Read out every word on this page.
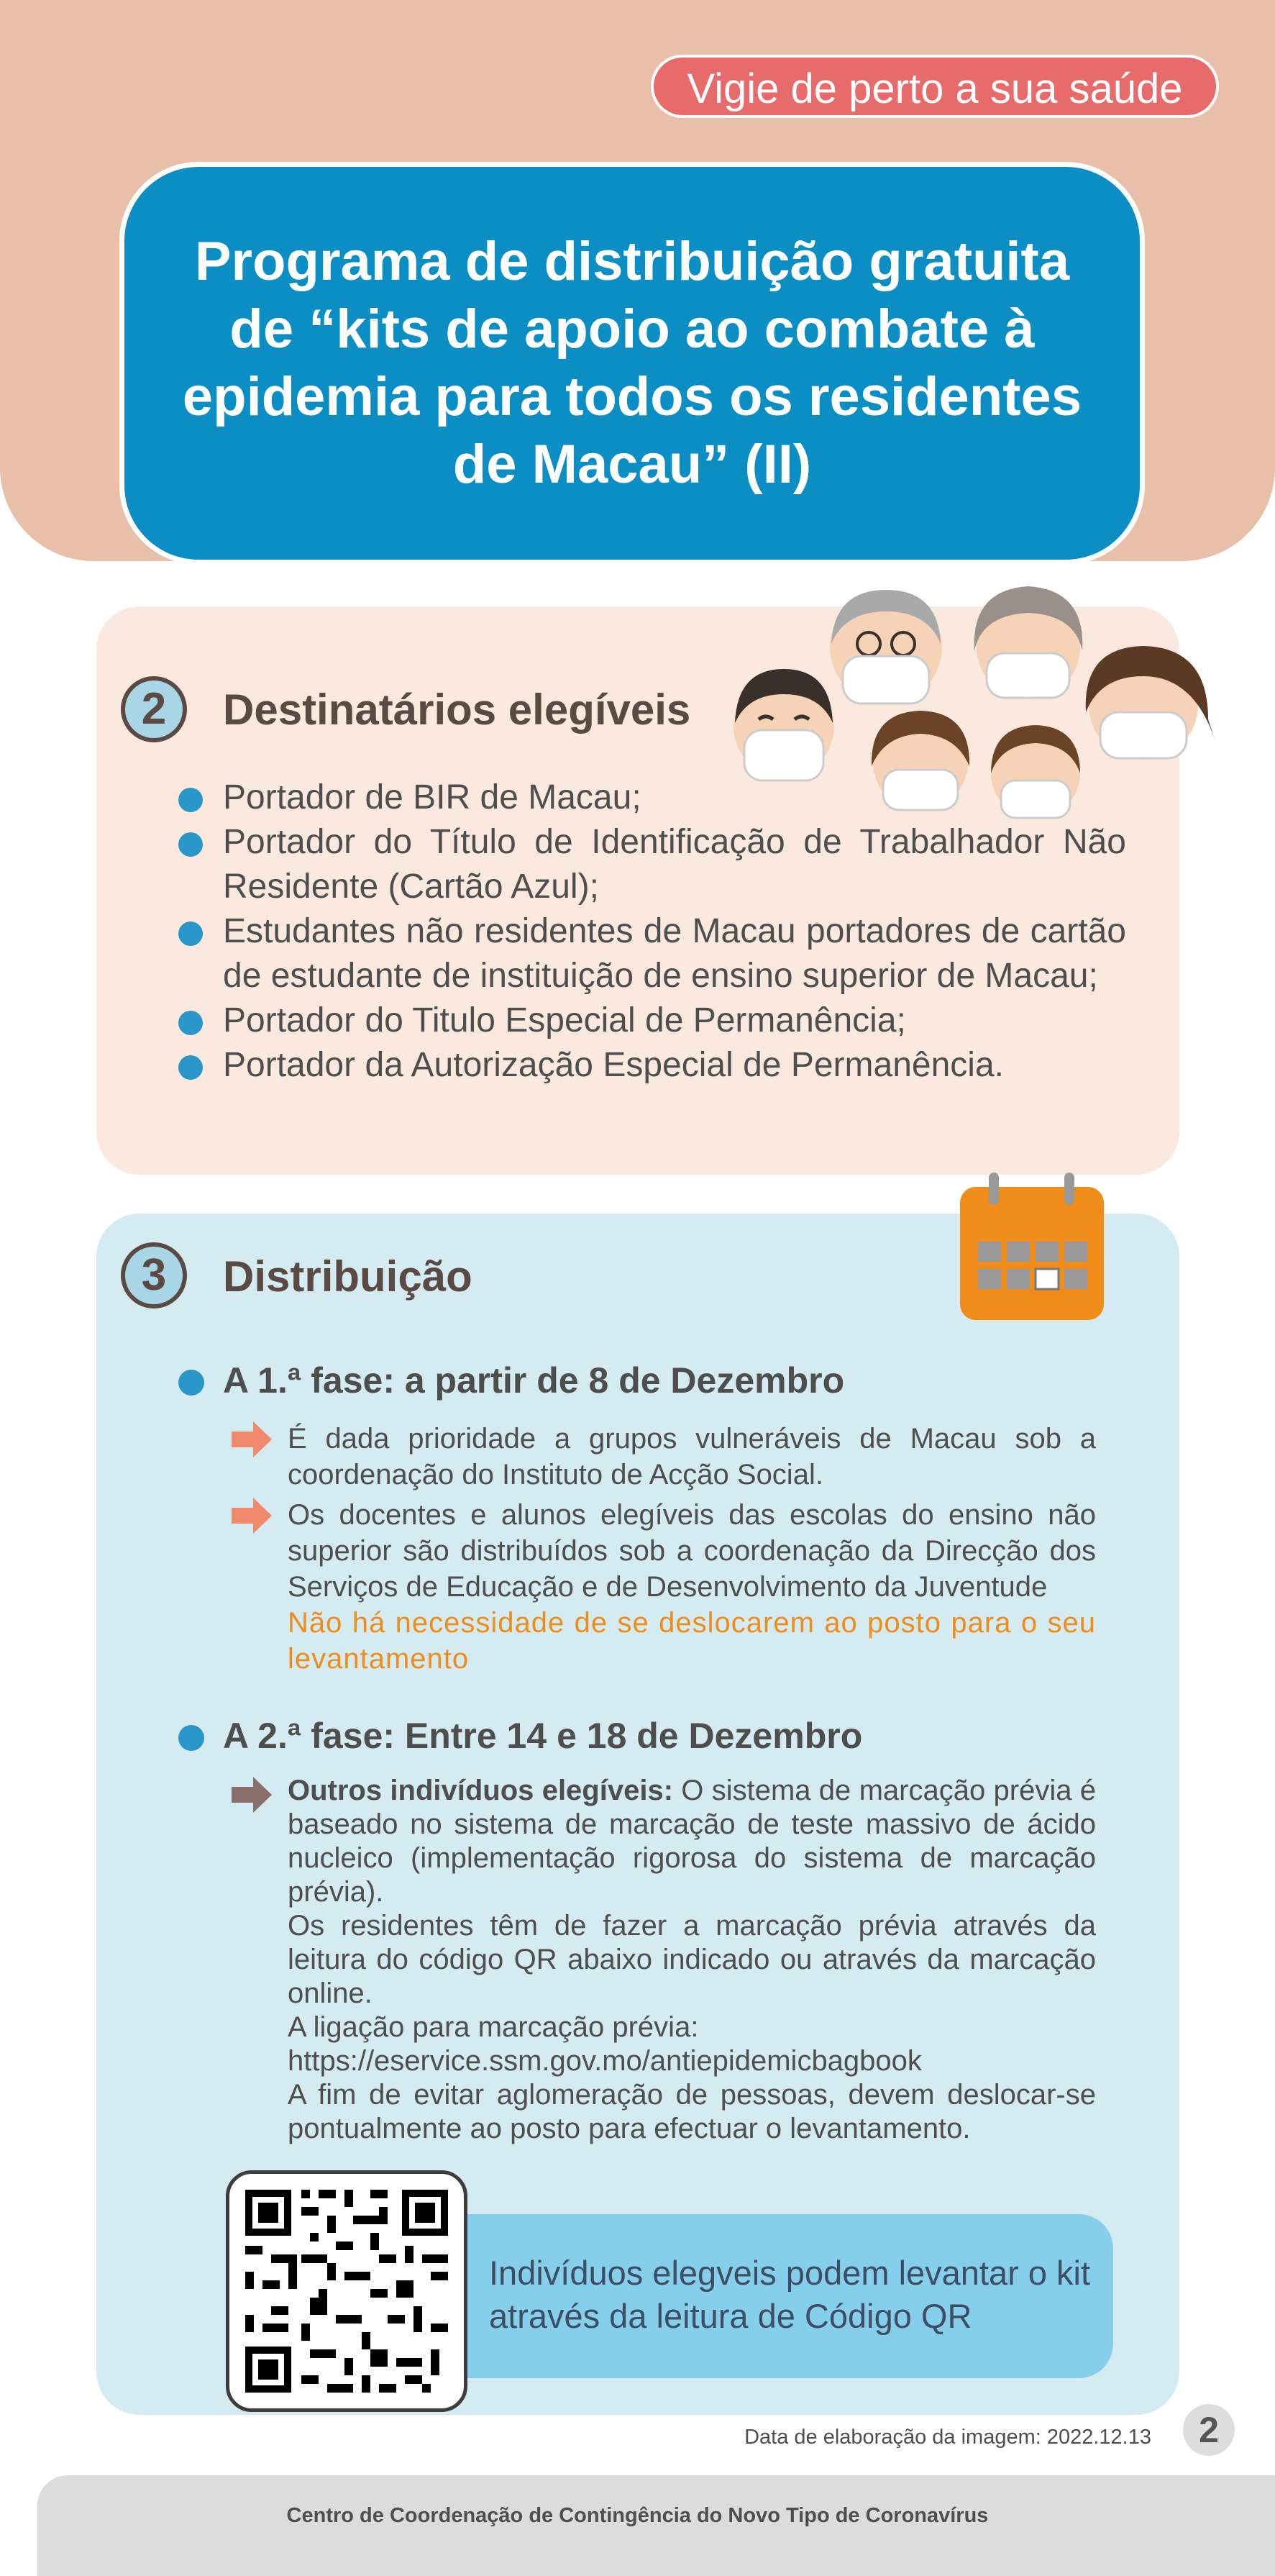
Vigie de perto a sua saúde
Programa de distribuição gratuita de “kits de apoio ao combate à epidemia para todos os residentes de Macau” (II)
2	Destinatários elegíveis
Portador de BIR de Macau;
Portador do Título de Identificação de Trabalhador Não Residente (Cartão Azul);
Estudantes não residentes de Macau portadores de cartão de estudante de instituição de ensino superior de Macau;
Portador do Titulo Especial de Permanência;
Portador da Autorização Especial de Permanência.
3	Distribuição
A 1.ª fase: a partir de 8 de Dezembro
É dada prioridade a grupos vulneráveis de Macau sob a coordenação do Instituto de Acção Social.
Os docentes e alunos elegíveis das escolas do ensino não superior são distribuídos sob a coordenação da Direcção dos Serviços de Educação e de Desenvolvimento da Juventude
Não há necessidade de se deslocarem ao posto para o seu levantamento
A 2.ª fase: Entre 14 e 18 de Dezembro
Outros indivíduos elegíveis: O sistema de marcação prévia é baseado no sistema de marcação de teste massivo de ácido nucleico (implementação rigorosa do sistema de marcação prévia).
Os residentes têm de fazer a marcação prévia através da leitura do código QR abaixo indicado ou através da marcação online.
A ligação para marcação prévia:
https://eservice.ssm.gov.mo/antiepidemicbagbook
A fim de evitar aglomeração de pessoas, devem deslocar-se pontualmente ao posto para efectuar o levantamento.

Indivíduos elegveis podem levantar o kit através da leitura de Código QR

Data de elaboração da imagem: 2022.12.13	2
Centro de Coordenação de Contingência do Novo Tipo de Coronavírus
